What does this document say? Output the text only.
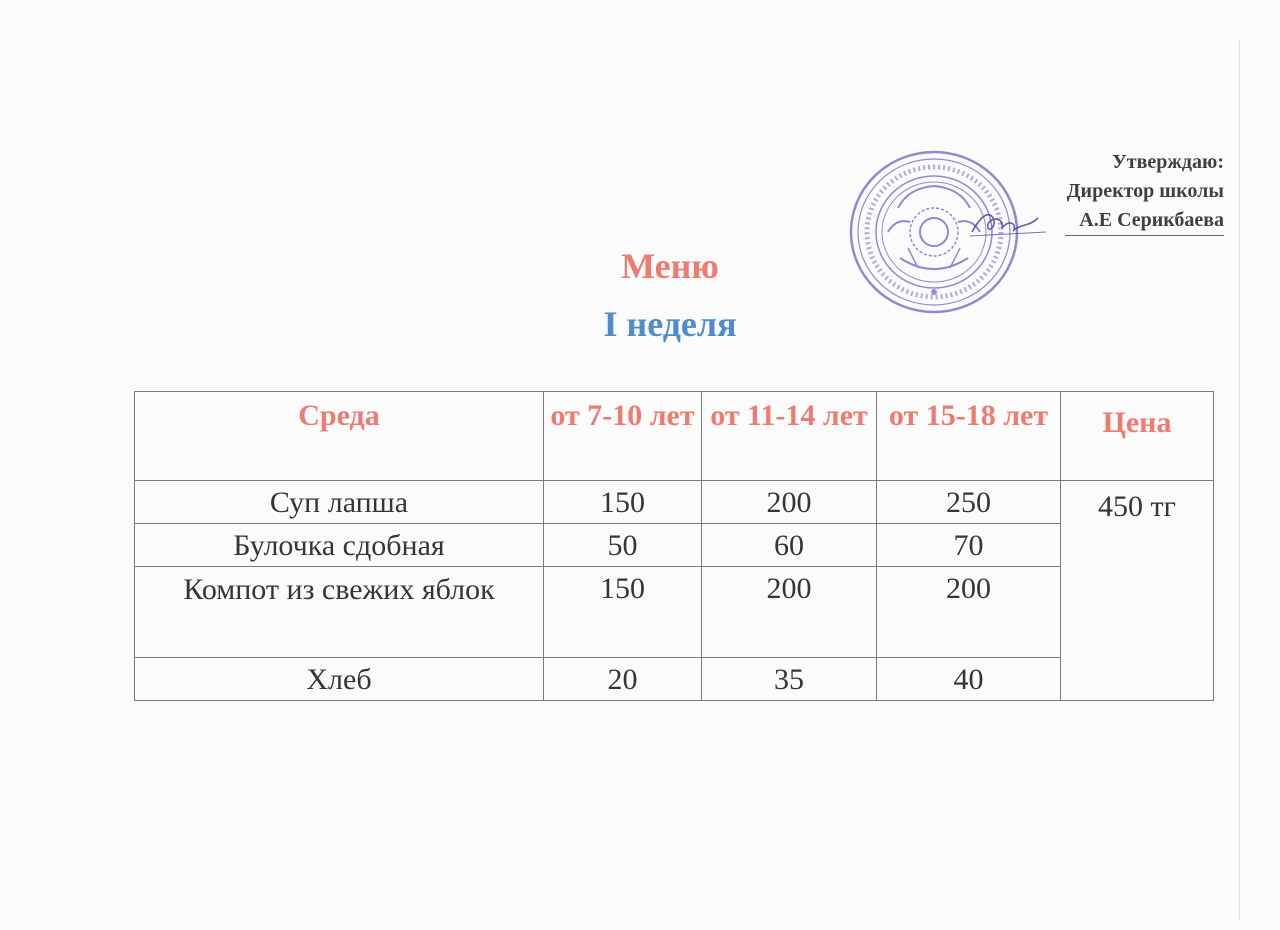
Утверждаю:
Директор школы
А.Е Серикбаева
Меню
I неделя
Среда	от 7-10 лет	от 11-14 лет	от 15-18 лет	Цена
Суп лапша	150	200	250	450 тг
Булочка сдобная	50	60	70	
Компот из свежих яблок	150	200	200	
Хлеб	20	35	40	
